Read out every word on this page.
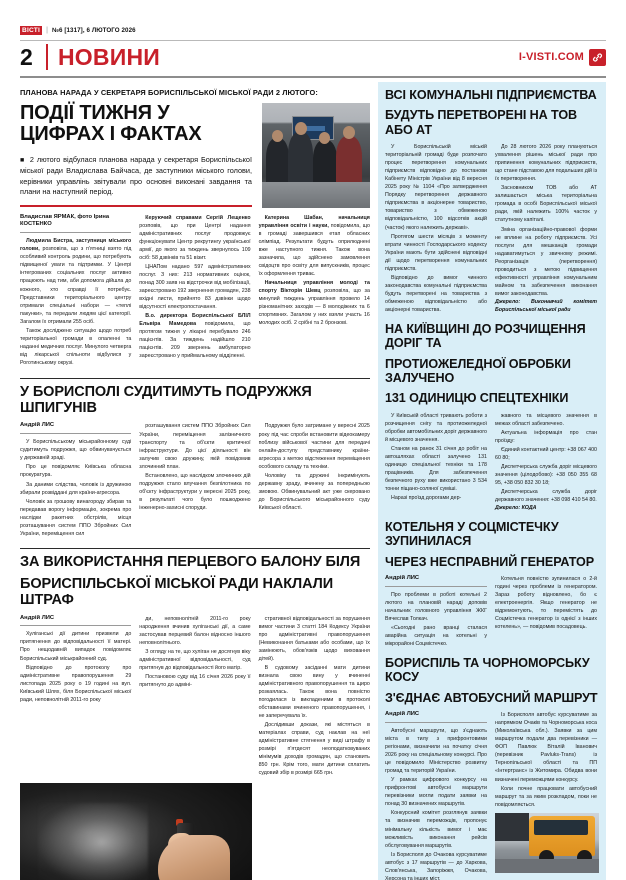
ВІСТІ | №6 [1317], 6 ЛЮТОГО 2026
2	НОВИНИ	I-VISTI.COM
ПЛАНОВА НАРАДА У СЕКРЕТАРЯ БОРИСПІЛЬСЬКОЇ МІСЬКОЇ РАДИ 2 ЛЮТОГО:
ПОДІЇ ТИЖНЯ У
ЦИФРАХ І ФАКТАХ
■ 2 лютого відбулася планова нарада у секретаря Бориспільської міської ради Владислава Байчаса, де заступники міського голови, керівники управлінь звітували про основні виконані завдання та плани на наступний період.
Владислав ЯРМАК, фото Ірина КОСТЕНКО

Людмила Бистра, заступниця міського голови, розповіла, що з п'ятниці взято під особливий контроль родини, що потребують підвищеної уваги та підтримки. У Центрі інтегрованих соціальних послуг активно працюють над тим, аби допомога дійшла до кожного, хто справді її потребує. Представники територіального центру отримали спеціальні набори — «теплі пакунки», та передали людям цієї категорії. Загалом їх отримали 255 осіб.

Також досліджено ситуацію щодо потреб територіальної громади в опаленні та наданні медичних послуг. Минулого четверга від лікарської спільноти відбулися у Роготинському окрузі.

Керуючий справами Сергій Лещенко розповів, що при Центрі надання адміністративних послуг продовжує функціонувати Центр рекрутингу української армії, до якого за тиждень звернулось 109 осіб: 58 дзвінків та 51 візит.

ЦНАПом надано 597 адміністративних послуг. З них: 213 нормативних оцінок, понад 300 заяв на відстрочки від мобілізації, зареєстровано 192 звернення громадян, 238 вхідні листи, прийнято 83 дзвінки щодо відсутності електропостачання.

В.о. директора Бориспільської БЛІЛ Ельвіра Мамедова повідомила, що протягом тижня у лікарні перебувало 246 пацієнтів. За тиждень надійшло 210 пацієнтів. 209 звернень амбулаторно зареєстровано у приймальному відділенні.

Катерина Шабан, начальниця управління освіти і науки, повідомила, що в громаді завершився етап обласних олімпіад. Результати будуть оприлюднені вже наступного тижня. Також вона зазначила, що здійснено замовлення свідоцтв про освіту для випускників, процес їх оформлення триває.

Начальниця управління молоді та спорту Вікторія Шевц розповіла, що за минулий тиждень управління провело 14 різноманітних заходів — 8 молодіжних та 6 спортивних. Загалом у них взяли участь 16 молодих осіб. 2 срібні та 2 бронзові.

У БОРИСПОЛІ СУДИТИМУТЬ ПОДРУЖЖЯ ШПИГУНІВ
Андрій ЛИС

У Бориспільському міськрайонному суді судитимуть подружжя, що обвинувачується у державній зраді.

Про це повідомляє Київська обласна прокуратура.

За даними слідства, чоловік із дружиною збирали розвіддані для країни-агресора.

Чоловік за грошову винагороду збирав та передавав ворогу інформацію, зокрема про наслідки ракетних обстрілів, місця розташування систем ППО Збройних Сил України, переміщення сил

розташування систем ППО Збройних Сил України, переміщення залізничного транспорту та об'єкти критичної інфраструктури. До цієї діяльності він залучив свою дружину, якій повідомив злочинний план.

Встановлено, що наслідком злочинних дій подружжя стало влучання безпілотника по об'єкту інфраструктури у вересні 2025 року, в результаті чого було пошкоджено інженерно-захисні споруди.

Подружжя було затримане у вересні 2025 року під час спроби встановити відеокамеру поблизу військової частини для передачі онлайн-доступу представнику країни-агресора з метою відстеження переміщення особового складу та техніки.

Чоловіку та дружині інкримінують державну зраду, вчинену за попередньою змовою. Обвинувальний акт уже скеровано до Бориспільського міськрайонного суду Київської області.

ЗА ВИКОРИСТАННЯ ПЕРЦЕВОГО БАЛОНУ БІЛЯ
БОРИСПІЛЬСЬКОЇ МІСЬКОЇ РАДИ НАКЛАЛИ ШТРАФ
Андрій ЛИС

Хуліганські дії дитини призвели до притягнення до відповідальності її матері. Про нещодавній випадок повідомляє Бориспільський міськрайонний суд.

Відповідно до протоколу про адміністративне правопорушення 29 листопада 2025 року о 19 годині на вул. Київський Шлях, біля Бориспільської міської ради, неповнолітній 2011-го року

ди, неповнолітній 2011-го року народження вчинив хуліганські дії, а саме застосував перцевий балон відносно іншого неповнолітнього.

З огляду на те, що хуліган не досягнув віку адміністративної відповідальності, суд притягнув до відповідальності його матір.

Постановою суду від 16 січня 2026 року її притягнуто до адміні-

стративної відповідальності за порушення вимог частини 3 статті 184 Кодексу України про адміністративні правопорушення (Невиконання батьками або особами, що їх замінюють, обов'язків щодо виховання дітей).

В судовому засіданні мати дитини визнала свою вину у вчиненні адміністративного правопорушення та щиро розкаялась. Також вона повністю погодилася із викладеними в протоколі обставинами вчиненого правопорушення, і не заперечувала їх.

Дослідивши докази, які містяться в матеріалах справи, суд наклав на неї адміністративне стягнення у виді штрафу в розмірі п'ятдесят неоподатковуваних мінімумів доходів громадян, що становить 850 грн. Крім того, мати дитини сплатить судовий збір в розмірі 665 грн.

ВСІ КОМУНАЛЬНІ ПІДПРИЄМСТВА
БУДУТЬ ПЕРЕТВОРЕНІ НА ТОВ АБО АТ

У Бориспільській міській територіальній громаді буде розпочато процес перетворення комунальних підприємств відповідно до постанови Кабінету Міністрів України від 8 вересня 2025 року № 1104 «Про затвердження Порядку перетворення державного підприємства в акціонерне товариство, товариство з обмеженою відповідальністю, 100 відсотків акцій (часток) якого належить державі».

Протягом шести місяців з моменту втрати чинності Господарського кодексу України мають бути здійснені відповідні дії щодо перетворення комунальних підприємств.

Відповідно до вимог чинного законодавства комунальні підприємства будуть перетворені на товариства з обмеженою відповідальністю або акціонерні товариства.

До 28 лютого 2026 року плануються ухвалення рішень міської ради про припинення комунальних підприємств, що стане підставою для подальших дій із їх перетворення.

Засновником ТОВ або АТ залишається міська територіальна громада в особі Бориспільської міської ради, якій належить 100% часток у статутному капіталі.

Зміна організаційно-правової форми не вплине на роботу підприємств. Усі послуги для мешканців громади надаватимуться у звичному режимі. Реорганізація (перетворення) проводиться з метою підвищення ефективності управління комунальним майном та забезпечення виконання вимог законодавства.

Джерело: Виконавчий комітет Бориспільської міської ради
НА КИЇВЩИНІ ДО РОЗЧИЩЕННЯ ДОРІГ ТА
ПРОТИОЖЕЛЕДНОЇ ОБРОБКИ ЗАЛУЧЕНО
131 ОДИНИЦЮ СПЕЦТЕХНІКИ

У Київській області тривають роботи з розчищення снігу та протиожеледної обробки автомобільних доріг державного й місцевого значення.

Станом на ранок 31 січня до робіт на автошляхах області залучено 131 одиницю спеціальної техніки та 178 працівників. Для забезпечення безпечного руху вже використано 3 534 тонни піщано-соляної суміші.

Наразі проїзд дорогами дер-

жавного та місцевого значення в межах області забезпечено.

Актуальна інформація про стан проїзду:

Єдиний контактний центр: +38 067 400 60 80;

Диспетчерська служба доріг місцевого значення (цілодобово): +38 050 355 68 95, +38 050 832 30 18;

Диспетчерська служба доріг державного значення: +38 098 410 54 80.

Джерело: КОДА
КОТЕЛЬНЯ У СОЦМІСТЕЧКУ ЗУПИНИЛАСЯ
ЧЕРЕЗ НЕСПРАВНИЙ ГЕНЕРАТОР
Андрій ЛИС

Про проблеми в роботі котельні 2 лютого на плановій нараді доповів начальник головного управління ЖКГ Вячеслав Толкач.

«Сьогодні рано вранці сталася аварійна ситуація на котельні у мікрорайоні Соцмістечко.

Котельня повністю зупинилася о 2-й годині через проблеми із генератором. Зараз роботу відновлено, бо є електроенергія. Якщо генератор не відремонтують, то перемістять до Соцмістечка генератор із однієї з інших котелень», — повідомив посадовець.

БОРИСПІЛЬ ТА ЧОРНОМОРСЬКУ КОСУ
З'ЄДНАЄ АВТОБУСНИЙ МАРШРУТ
Андрій ЛИС

Автобусні маршрути, що з'єднають міста в тилу з прифронтовими регіонами, визначили на початку січня 2026 року на спеціальному конкурсі. Про це повідомило Міністерство розвитку громад та територій України.

У рамках цифрового конкурсу на прифронтові автобусні маршрути перевізники могли подати заявки на понад 30 визначених маршрутів.

Конкурсний комітет розглянув заявки та визначив переможців, пропонує мінімальну кількість вимог і має можливість виконання рейсів обслуговування маршрутів.

Із Борисполя до Очакова курсуватиме автобус з 17 маршрутів — до Харкова, Слов'янська, Запоріжжя, Очакова, Херсона та інших міст.

Із Борисполя автобус курсуватиме за напрямком Очаків та Чорноморська коса (Миколаївська обл.). Заявки за цим маршрутом подали два перевізники — ФОП Павлюк Віталій Іванович (перевізник Pavluks-Trans) із Тернопільської області та ПП «Інтертранс» із Житомира. Обидва вони визначені переможцями конкурсу.

Коли почне працювати автобусний маршрут та за яким розкладом, поки не повідомляється.
